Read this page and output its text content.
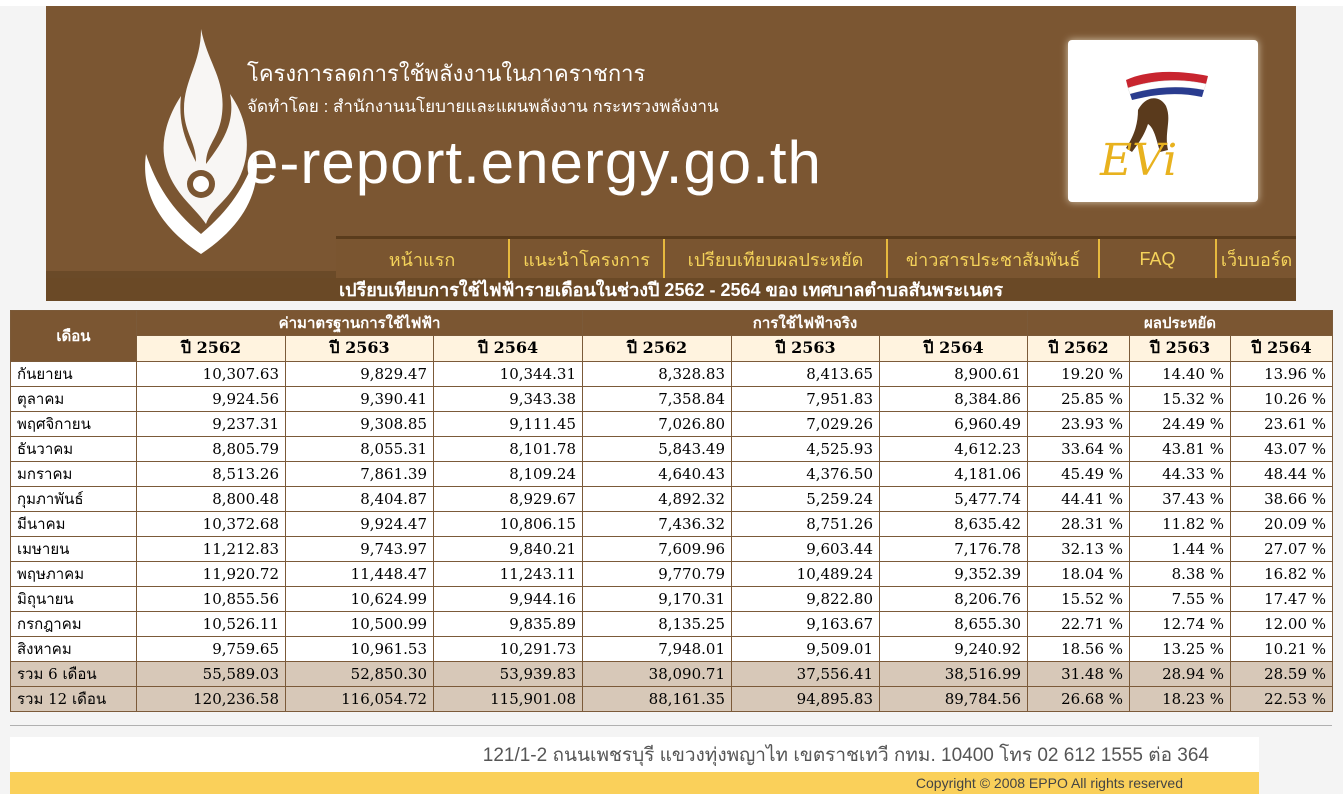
โครงการลดการใช้พลังงานในภาคราชการ
จัดทำโดย : สำนักงานนโยบายและแผนพลังงาน กระทรวงพลังงาน
e-report.energy.go.th	EVi
หน้าแรก	แนะนำโครงการ	เปรียบเทียบผลประหยัด	ข่าวสารประชาสัมพันธ์	FAQ	เว็บบอร์ด
เปรียบเทียบการใช้ไฟฟ้ารายเดือนในช่วงปี 2562 - 2564 ของ เทศบาลตำบลสันพระเนตร
เดือน	ค่ามาตรฐานการใช้ไฟฟ้า			การใช้ไฟฟ้าจริง			ผลประหยัด		
	ปี 2562	ปี 2563	ปี 2564	ปี 2562	ปี 2563	ปี 2564	ปี 2562	ปี 2563	ปี 2564
กันยายน	10,307.63	9,829.47	10,344.31	8,328.83	8,413.65	8,900.61	19.20 %	14.40 %	13.96 %
ตุลาคม	9,924.56	9,390.41	9,343.38	7,358.84	7,951.83	8,384.86	25.85 %	15.32 %	10.26 %
พฤศจิกายน	9,237.31	9,308.85	9,111.45	7,026.80	7,029.26	6,960.49	23.93 %	24.49 %	23.61 %
ธันวาคม	8,805.79	8,055.31	8,101.78	5,843.49	4,525.93	4,612.23	33.64 %	43.81 %	43.07 %
มกราคม	8,513.26	7,861.39	8,109.24	4,640.43	4,376.50	4,181.06	45.49 %	44.33 %	48.44 %
กุมภาพันธ์	8,800.48	8,404.87	8,929.67	4,892.32	5,259.24	5,477.74	44.41 %	37.43 %	38.66 %
มีนาคม	10,372.68	9,924.47	10,806.15	7,436.32	8,751.26	8,635.42	28.31 %	11.82 %	20.09 %
เมษายน	11,212.83	9,743.97	9,840.21	7,609.96	9,603.44	7,176.78	32.13 %	1.44 %	27.07 %
พฤษภาคม	11,920.72	11,448.47	11,243.11	9,770.79	10,489.24	9,352.39	18.04 %	8.38 %	16.82 %
มิถุนายน	10,855.56	10,624.99	9,944.16	9,170.31	9,822.80	8,206.76	15.52 %	7.55 %	17.47 %
กรกฎาคม	10,526.11	10,500.99	9,835.89	8,135.25	9,163.67	8,655.30	22.71 %	12.74 %	12.00 %
สิงหาคม	9,759.65	10,961.53	10,291.73	7,948.01	9,509.01	9,240.92	18.56 %	13.25 %	10.21 %
รวม 6 เดือน	55,589.03	52,850.30	53,939.83	38,090.71	37,556.41	38,516.99	31.48 %	28.94 %	28.59 %
รวม 12 เดือน	120,236.58	116,054.72	115,901.08	88,161.35	94,895.83	89,784.56	26.68 %	18.23 %	22.53 %
121/1-2 ถนนเพชรบุรี แขวงทุ่งพญาไท เขตราชเทวี กทม. 10400 โทร 02 612 1555 ต่อ 364
Copyright © 2008 EPPO All rights reserved
